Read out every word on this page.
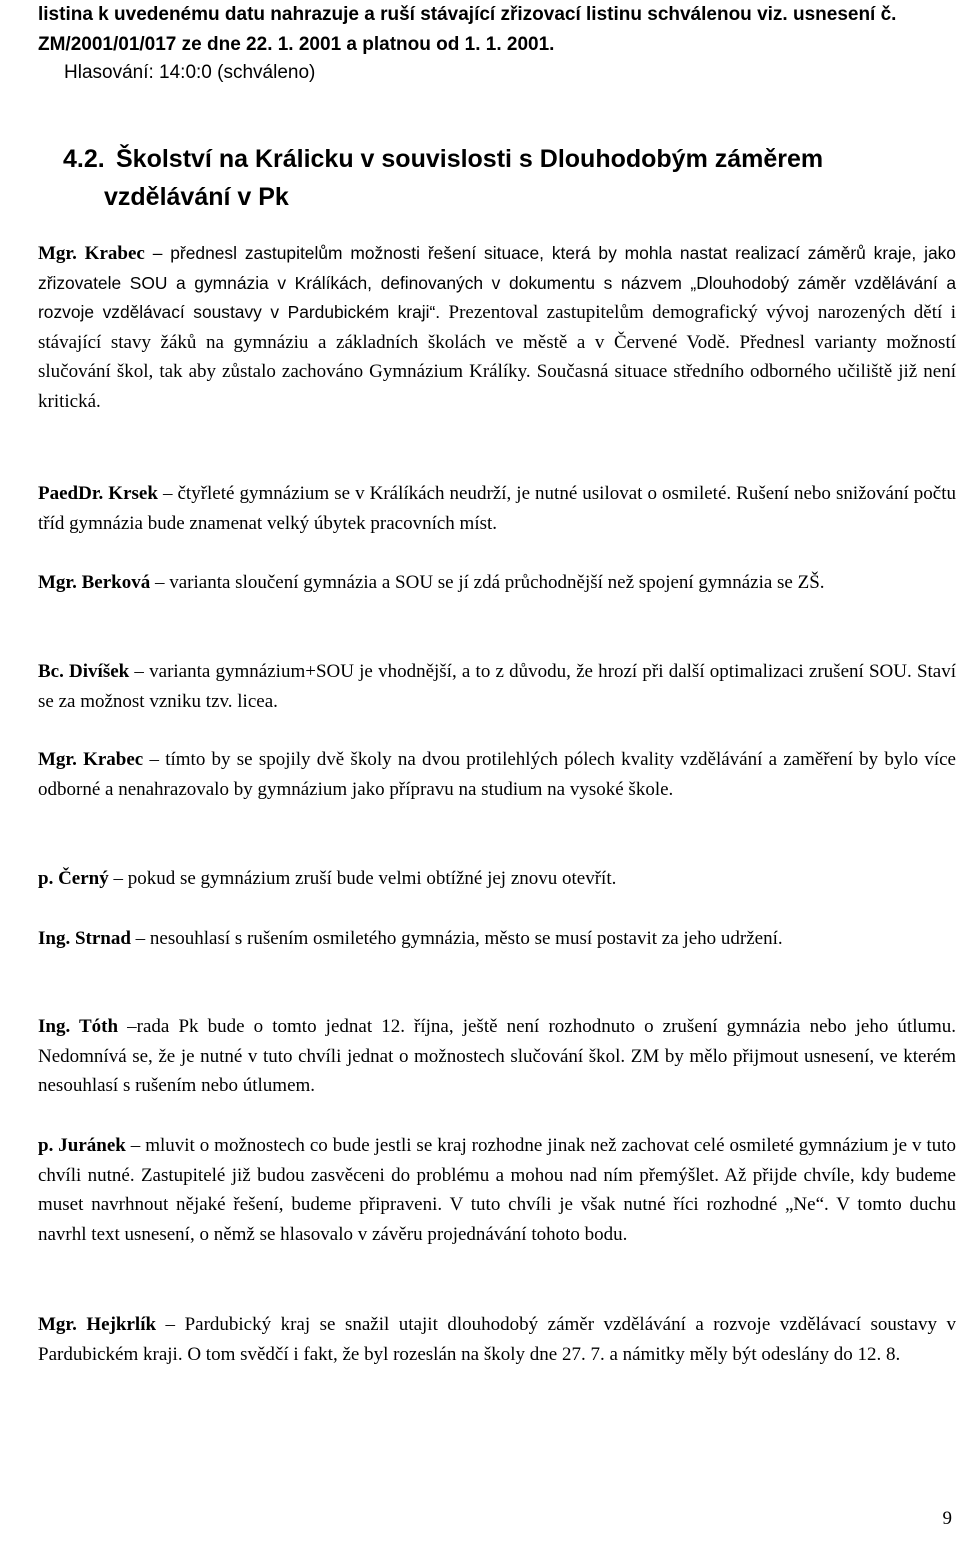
listina k uvedenému datu nahrazuje a ruší stávající zřizovací listinu schválenou viz. usnesení č. ZM/2001/01/017 ze dne 22. 1. 2001 a platnou od 1. 1. 2001.

Hlasování: 14:0:0 (schváleno)

4.2. Školství na Králicku v souvislosti s Dlouhodobým záměrem
vzdělávání v Pk

Mgr. Krabec – přednesl zastupitelům možnosti řešení situace, která by mohla nastat realizací záměrů kraje, jako zřizovatele SOU a gymnázia v Králíkách, definovaných v dokumentu s názvem „Dlouhodobý záměr vzdělávání a rozvoje vzdělávací soustavy v Pardubickém kraji“. Prezentoval zastupitelům demografický vývoj narozených dětí i stávající stavy žáků na gymnáziu a základních školách ve městě a v Červené Vodě. Přednesl varianty možností slučování škol, tak aby zůstalo zachováno Gymnázium Králíky. Současná situace středního odborného učiliště již není kritická.

PaedDr. Krsek – čtyřleté gymnázium se v Králíkách neudrží, je nutné usilovat o osmileté. Rušení nebo snižování počtu tříd gymnázia bude znamenat velký úbytek pracovních míst.

Mgr. Berková – varianta sloučení gymnázia a SOU se jí zdá průchodnější než spojení gymnázia se ZŠ.

Bc. Divíšek – varianta gymnázium+SOU je vhodnější, a to z důvodu, že hrozí při další optimalizaci zrušení SOU. Staví se za možnost vzniku tzv. licea.

Mgr. Krabec – tímto by se spojily dvě školy na dvou protilehlých pólech kvality vzdělávání a zaměření by bylo více odborné a nenahrazovalo by gymnázium jako přípravu na studium na vysoké škole.

p. Černý – pokud se gymnázium zruší bude velmi obtížné jej znovu otevřít.

Ing. Strnad – nesouhlasí s rušením osmiletého gymnázia, město se musí postavit za jeho udržení.

Ing. Tóth –rada Pk bude o tomto jednat 12. října, ještě není rozhodnuto o zrušení gymnázia nebo jeho útlumu. Nedomnívá se, že je nutné v tuto chvíli jednat o možnostech slučování škol. ZM by mělo přijmout usnesení, ve kterém nesouhlasí s rušením nebo útlumem.

p. Juránek – mluvit o možnostech co bude jestli se kraj rozhodne jinak než zachovat celé osmileté gymnázium je v tuto chvíli nutné. Zastupitelé již budou zasvěceni do problému a mohou nad ním přemýšlet. Až přijde chvíle, kdy budeme muset navrhnout nějaké řešení, budeme připraveni. V tuto chvíli je však nutné říci rozhodné „Ne“. V tomto duchu navrhl text usnesení, o němž se hlasovalo v závěru projednávání tohoto bodu.

Mgr. Hejkrlík – Pardubický kraj se snažil utajit dlouhodobý záměr vzdělávání a rozvoje vzdělávací soustavy v Pardubickém kraji. O tom svědčí i fakt, že byl rozeslán na školy dne 27. 7. a námitky měly být odeslány do 12. 8.

9
